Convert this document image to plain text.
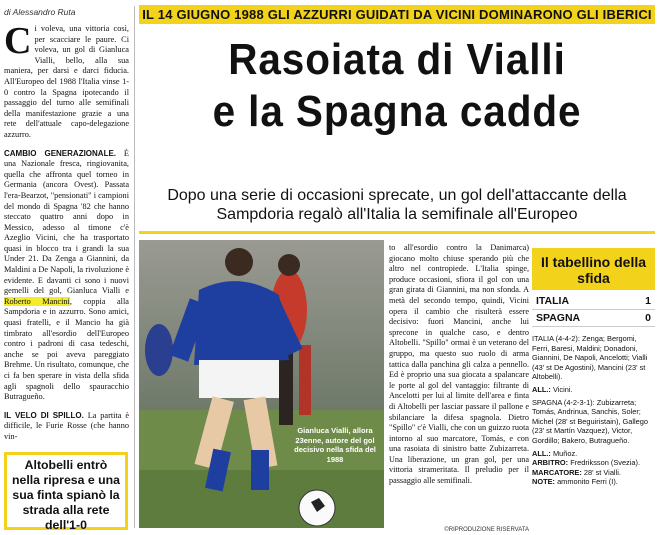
di Alessandro Ruta

Ci voleva, una vittoria così, per scacciare le paure. Ci voleva, un gol di Gianluca Vialli, bello, alla sua maniera, per darsi e darci fiducia. All'Europeo del 1988 l'Italia vinse 1-0 contro la Spagna ipotecando il passaggio del turno alle semifinali della manifestazione grazie a una rete dell'attuale capo-delegazione azzurro.

CAMBIO GENERAZIONALE. È una Nazionale fresca, ringiovanita, quella che affronta quel torneo in Germania (ancora Ovest). Passata l'era-Bearzot, "pensionati" i campioni del mondo di Spagna '82 che hanno steccato quattro anni dopo in Messico, adesso al timone c'è Azeglio Vicini, che ha trasportato quasi in blocco tra i grandi la sua Under 21. Da Zenga a Giannini, da Maldini a De Napoli, la rivoluzione è evidente. E davanti ci sono i nuovi gemelli del gol, Gianluca Vialli e Roberto Mancini, coppia alla Sampdoria e in azzurro. Sono amici, quasi fratelli, e il Mancio ha già timbrato all'esordio dell'Europeo contro i padroni di casa tedeschi, anche se poi aveva pareggiato Brehme. Un risultato, comunque, che ci fa ben sperare in vista della sfida agli spagnoli dello spauracchio Butragueño.

IL VELO DI SPILLO. La partita è difficile, le Furie Rosse (che hanno vin-

Altobelli entrò nella ripresa e una sua finta spianò la strada alla rete dell'1-0
IL 14 GIUGNO 1988 GLI AZZURRI GUIDATI DA VICINI DOMINARONO GLI IBERICI
Rasoiata di Vialli
e la Spagna cadde
Dopo una serie di occasioni sprecate, un gol dell'attaccante della Sampdoria regalò all'Italia la semifinale all'Europeo
Gianluca Vialli, allora 23enne, autore del gol decisivo nella sfida del 1988
to all'esordio contro la Danimarca) giocano molto chiuse sperando più che altro nel contropiede. L'Italia spinge, produce occasioni, sfiora il gol con una gran girata di Giannini, ma non sfonda. A metà del secondo tempo, quindi, Vicini opera il cambio che risulterà essere decisivo: fuori Mancini, anche lui sprecone in qualche caso, e dentro Altobelli. "Spillo" ormai è un veterano del gruppo, ma questo suo ruolo di arma tattica dalla panchina gli calza a pennello. Ed è proprio una sua giocata a spalancare le porte al gol del vantaggio: filtrante di Ancelotti per lui al limite dell'area e finta di Altobelli per lasciar passare il pallone e sbilanciare la difesa spagnola. Dietro "Spillo" c'è Vialli, che con un guizzo ruota intorno al suo marcatore, Tomás, e con una rasoiata di sinistro batte Zubizarreta. Una liberazione, un gran gol, per una vittoria strameritata. Il preludio per il passaggio alle semifinali.
©RIPRODUZIONE RISERVATA
Il tabellino della sfida
ITALIA	1
SPAGNA	0

ITALIA (4-4-2): Zenga; Bergomi, Ferri, Baresi, Maldini; Donadoni, Giannini, De Napoli, Ancelotti; Vialli (43' st De Agostini), Mancini (23' st Altobelli).

ALL.: Vicini.

SPAGNA (4-2-3-1): Zubizarreta; Tomás, Andrinua, Sanchis, Soler; Michel (28' st Beguiristain), Gallego (23' st Martín Vazquez), Victor, Gordillo; Bakero, Butragueño.

ALL.: Muñoz.
ARBITRO: Fredriksson (Svezia).
MARCATORE: 28' st Vialli.
NOTE: ammonito Ferri (I).
